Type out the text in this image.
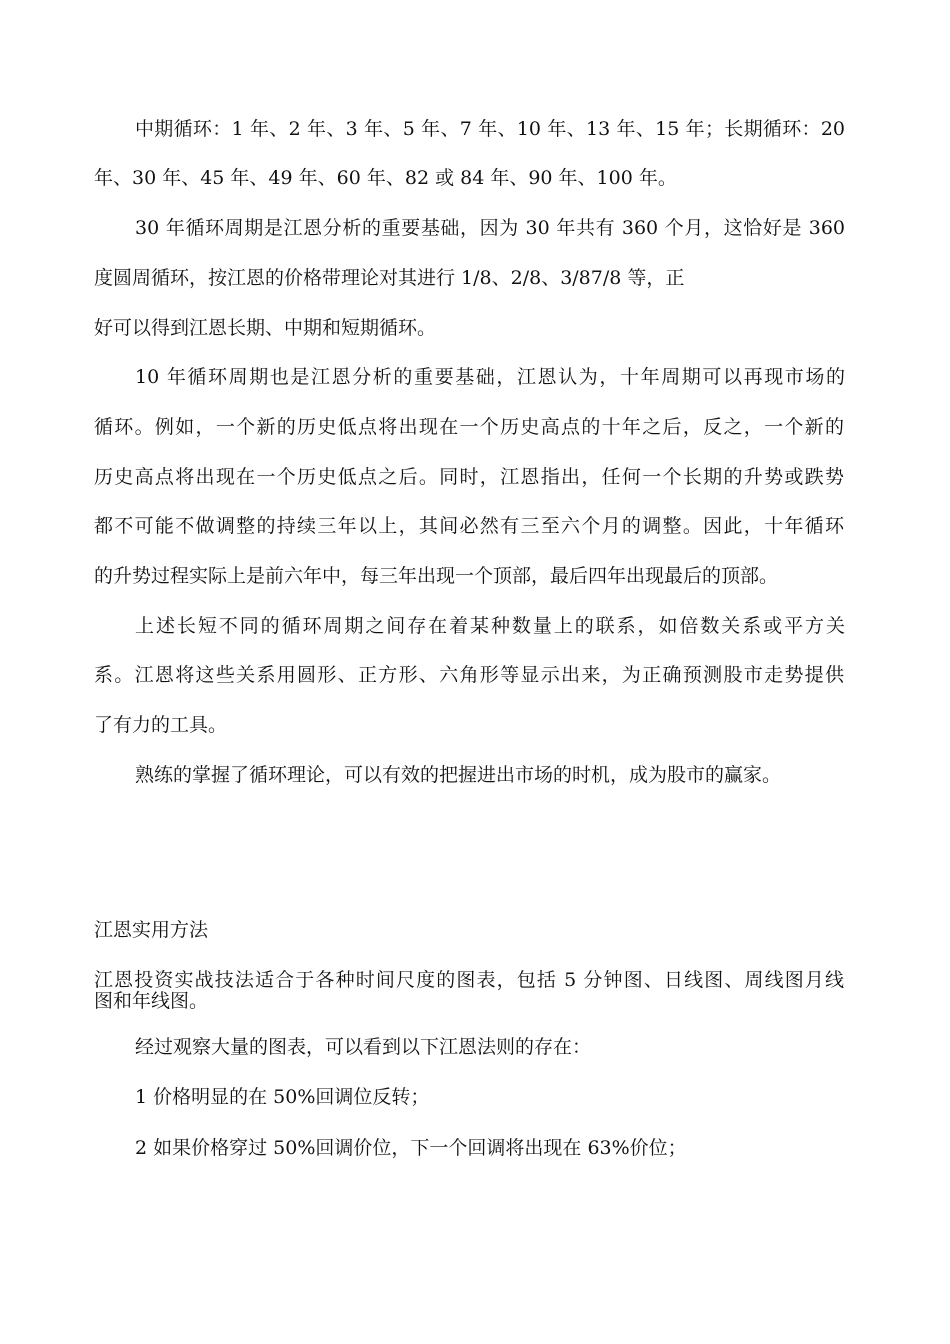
中期循环：1 年、2 年、3 年、5 年、7 年、10 年、13 年、15 年；长期循环：20
年、30 年、45 年、49 年、60 年、82 或 84 年、90 年、100 年。
30 年循环周期是江恩分析的重要基础，因为 30 年共有 360 个月，这恰好是 360
度圆周循环，按江恩的价格带理论对其进行 1/8、2/8、3/87/8 等，正
好可以得到江恩长期、中期和短期循环。
10 年循环周期也是江恩分析的重要基础，江恩认为，十年周期可以再现市场的
循环。例如，一个新的历史低点将出现在一个历史高点的十年之后，反之，一个新的
历史高点将出现在一个历史低点之后。同时，江恩指出，任何一个长期的升势或跌势
都不可能不做调整的持续三年以上，其间必然有三至六个月的调整。因此，十年循环
的升势过程实际上是前六年中，每三年出现一个顶部，最后四年出现最后的顶部。
上述长短不同的循环周期之间存在着某种数量上的联系，如倍数关系或平方关
系。江恩将这些关系用圆形、正方形、六角形等显示出来，为正确预测股市走势提供
了有力的工具。
熟练的掌握了循环理论，可以有效的把握进出市场的时机，成为股市的赢家。
江恩实用方法
江恩投资实战技法适合于各种时间尺度的图表，包括 5 分钟图、日线图、周线图月线
图和年线图。
经过观察大量的图表，可以看到以下江恩法则的存在：
1 价格明显的在 50%回调位反转；
2 如果价格穿过 50%回调价位，下一个回调将出现在 63%价位；
